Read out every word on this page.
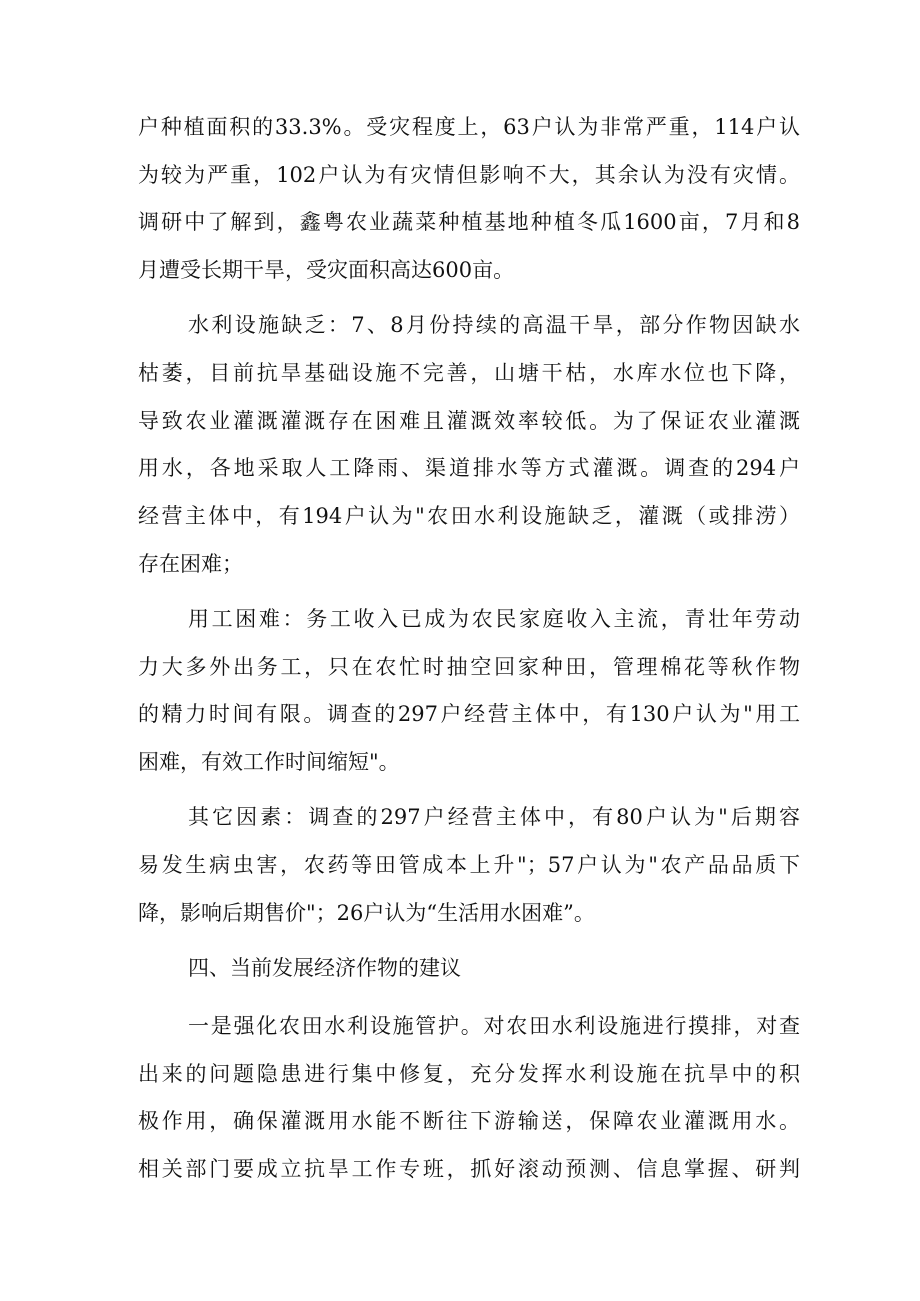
户种植面积的33.3%。受灾程度上，63户认为非常严重，114户认
为较为严重，102户认为有灾情但影响不大，其余认为没有灾情。
调研中了解到，鑫粤农业蔬菜种植基地种植冬瓜1600亩，7月和8
月遭受长期干旱，受灾面积高达600亩。
水利设施缺乏：7、8月份持续的高温干旱，部分作物因缺水
枯萎，目前抗旱基础设施不完善，山塘干枯，水库水位也下降，
导致农业灌溉灌溉存在困难且灌溉效率较低。为了保证农业灌溉
用水，各地采取人工降雨、渠道排水等方式灌溉。调查的294户
经营主体中，有194户认为"农田水利设施缺乏，灌溉（或排涝）
存在困难；
用工困难：务工收入已成为农民家庭收入主流，青壮年劳动
力大多外出务工，只在农忙时抽空回家种田，管理棉花等秋作物
的精力时间有限。调查的297户经营主体中，有130户认为"用工
困难，有效工作时间缩短"。
其它因素：调查的297户经营主体中，有80户认为"后期容
易发生病虫害，农药等田管成本上升"；57户认为"农产品品质下
降，影响后期售价"；26户认为“生活用水困难”。
四、当前发展经济作物的建议
一是强化农田水利设施管护。对农田水利设施进行摸排，对查
出来的问题隐患进行集中修复，充分发挥水利设施在抗旱中的积
极作用，确保灌溉用水能不断往下游输送，保障农业灌溉用水。
相关部门要成立抗旱工作专班，抓好滚动预测、信息掌握、研判
